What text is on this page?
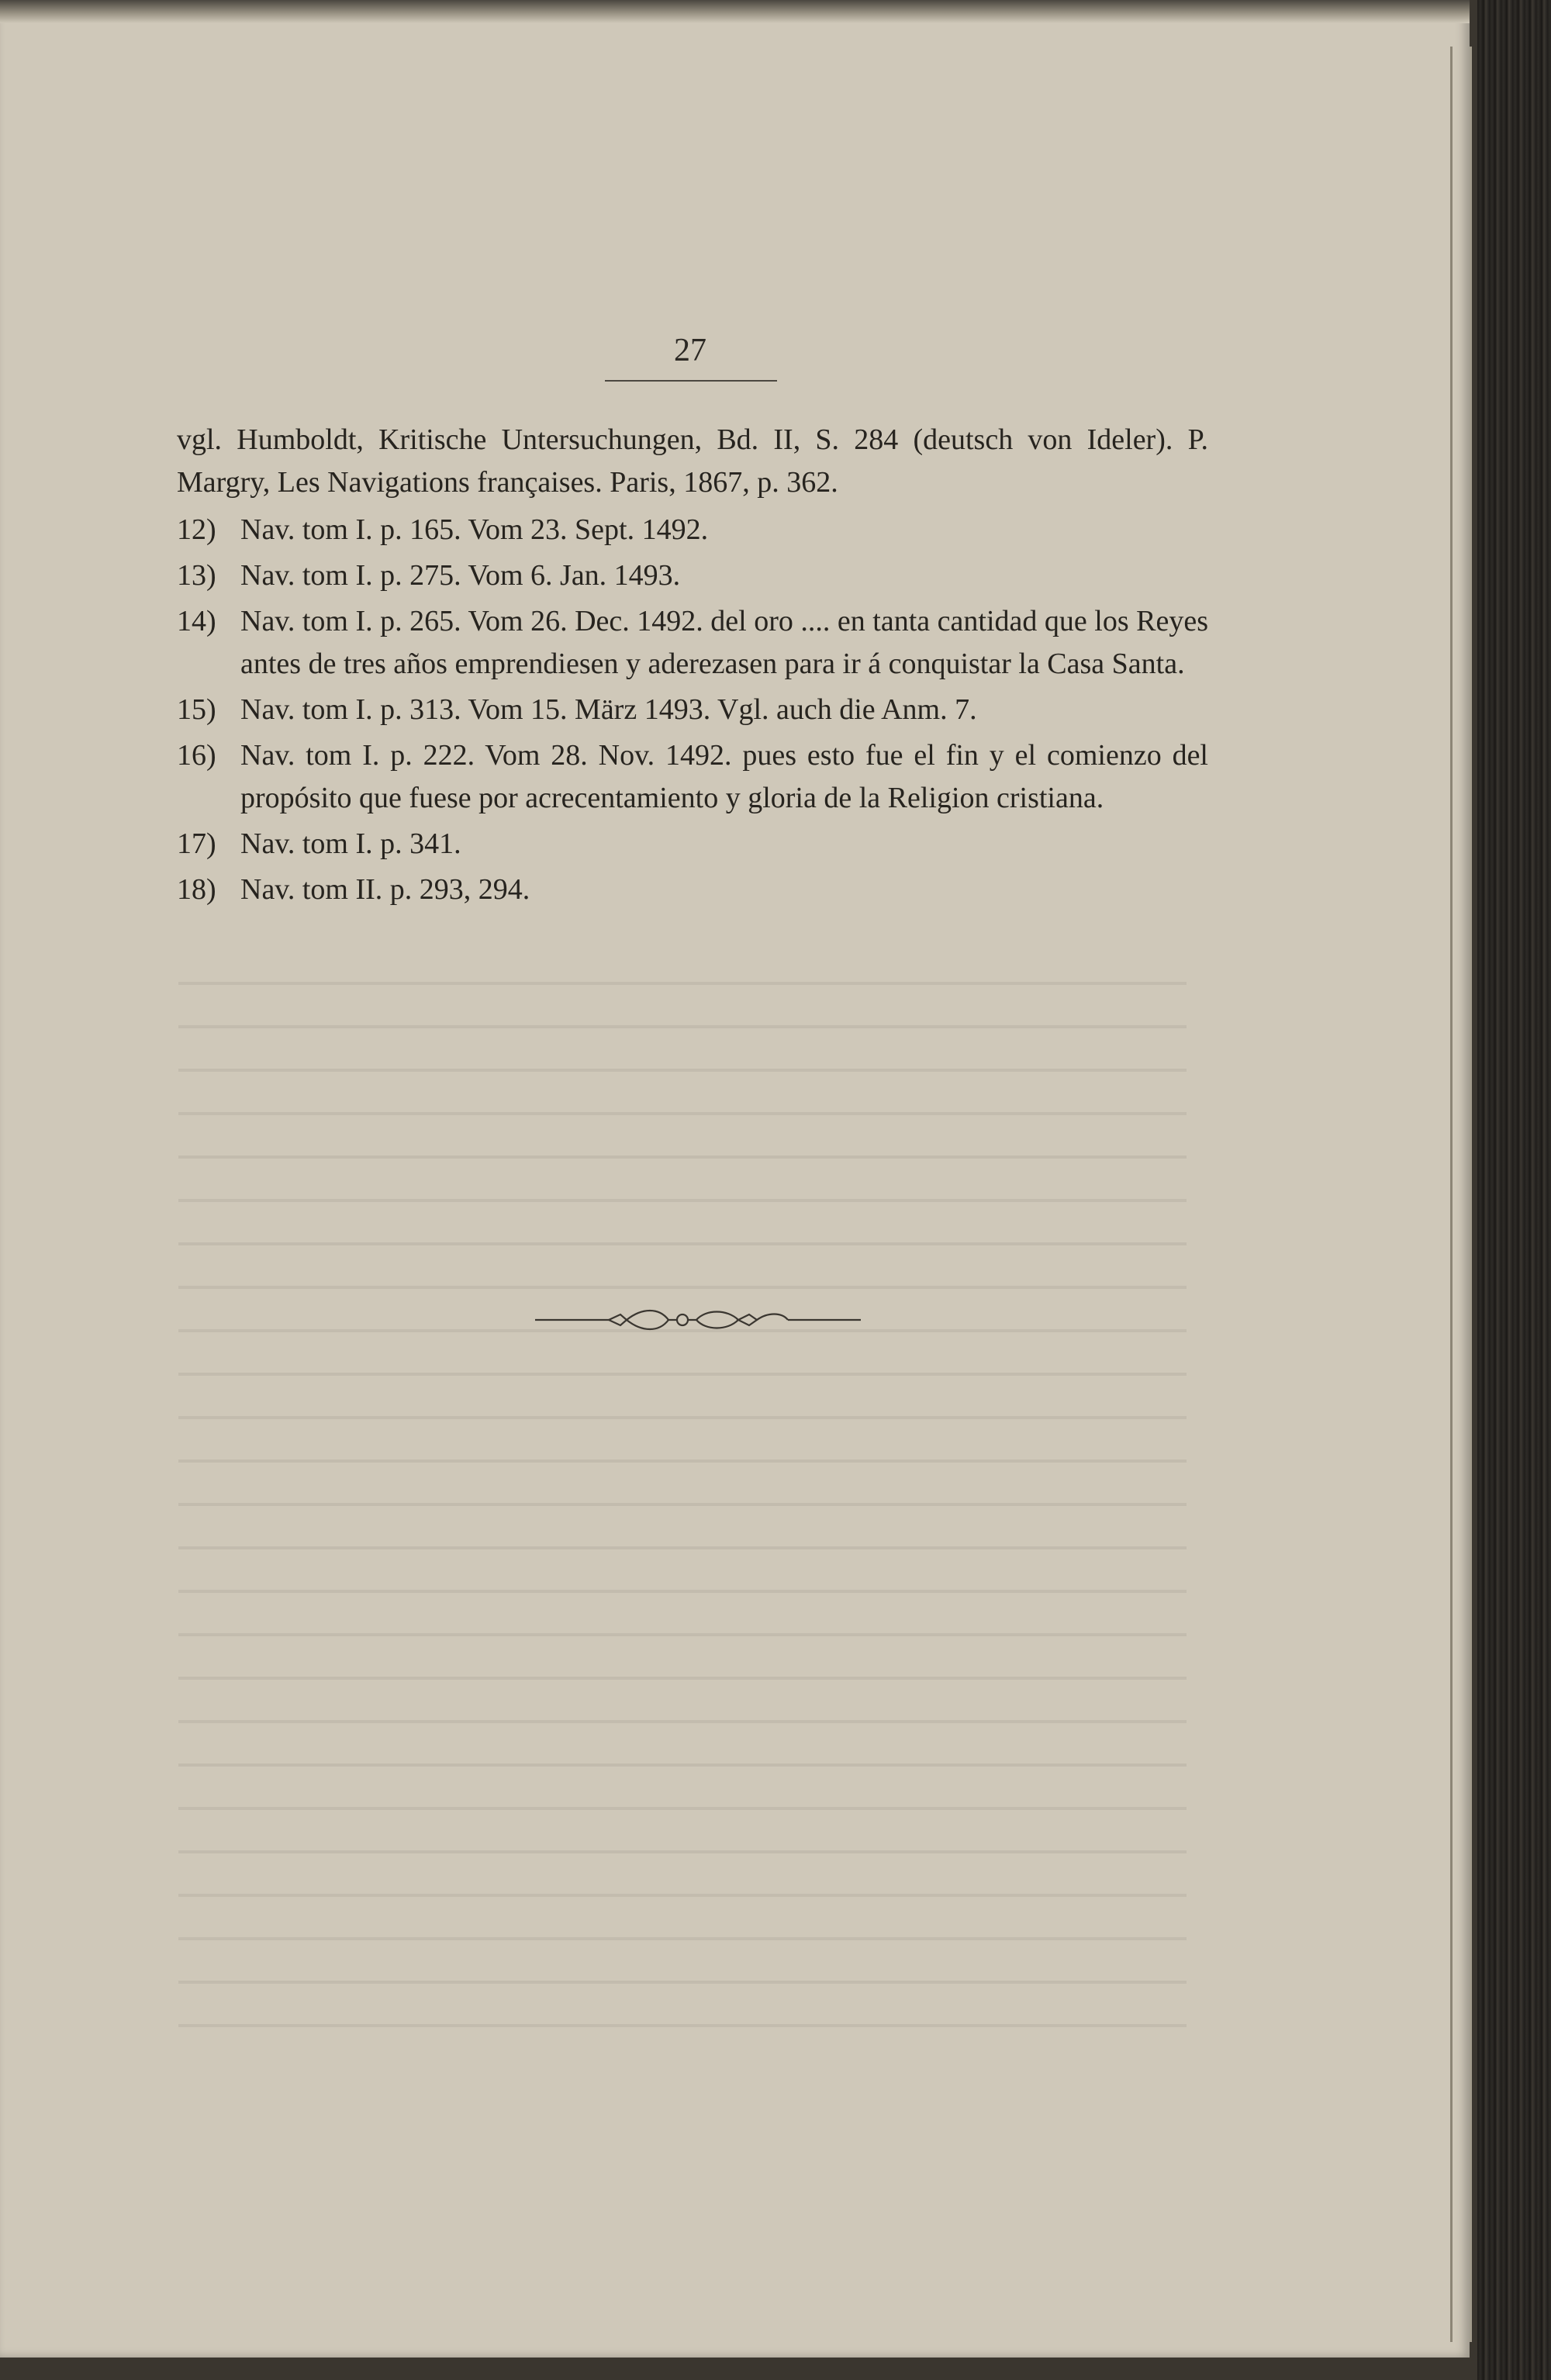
27

vgl. Humboldt, Kritische Untersuchungen, Bd. II, S. 284 (deutsch von Ideler). P. Margry, Les Navigations françaises. Paris, 1867, p. 362.

12) Nav. tom I. p. 165. Vom 23. Sept. 1492.
13) Nav. tom I. p. 275. Vom 6. Jan. 1493.
14) Nav. tom I. p. 265. Vom 26. Dec. 1492. del oro .... en tanta cantidad que los Reyes antes de tres años emprendiesen y aderezasen para ir á conquistar la Casa Santa.
15) Nav. tom I. p. 313. Vom 15. März 1493. Vgl. auch die Anm. 7.
16) Nav. tom I. p. 222. Vom 28. Nov. 1492. pues esto fue el fin y el comienzo del propósito que fuese por acrecentamiento y gloria de la Religion cristiana.
17) Nav. tom I. p. 341.
18) Nav. tom II. p. 293, 294.
